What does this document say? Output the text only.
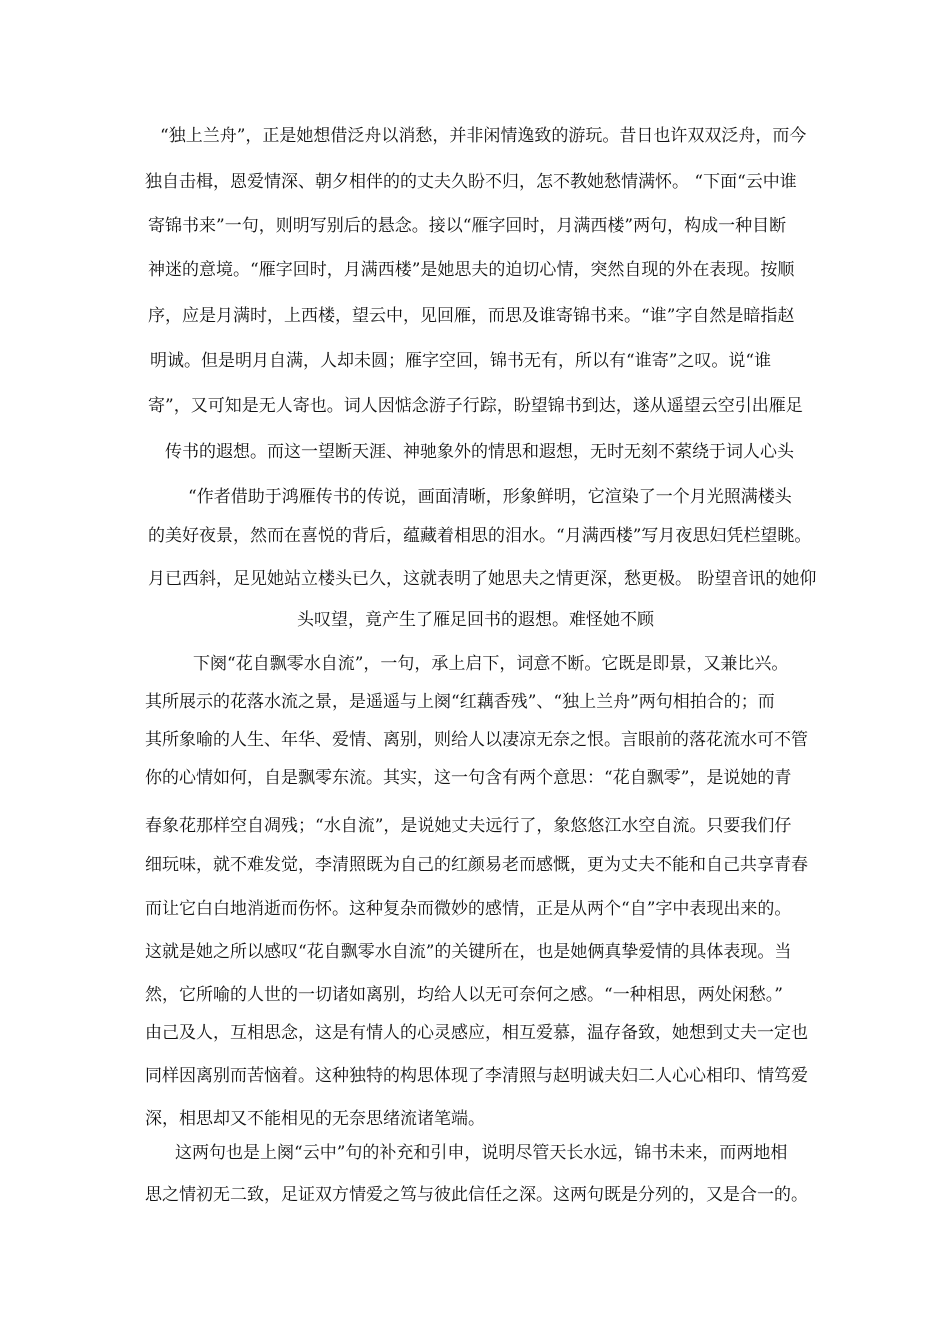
“独上兰舟”，正是她想借泛舟以消愁，并非闲情逸致的游玩。昔日也许双双泛舟，而今

独自击楫，恩爱情深、朝夕相伴的的丈夫久盼不归，怎不教她愁情满怀。 “下面“云中谁

寄锦书来”一句，则明写别后的悬念。接以“雁字回时，月满西楼”两句，构成一种目断

神迷的意境。“雁字回时，月满西楼”是她思夫的迫切心情，突然自现的外在表现。按顺

序，应是月满时，上西楼，望云中，见回雁，而思及谁寄锦书来。“谁”字自然是暗指赵

明诚。但是明月自满，人却未圆；雁字空回，锦书无有，所以有“谁寄”之叹。说“谁

寄”，又可知是无人寄也。词人因惦念游子行踪，盼望锦书到达，遂从遥望云空引出雁足

传书的遐想。而这一望断天涯、神驰象外的情思和遐想，无时无刻不萦绕于词人心头

“作者借助于鸿雁传书的传说，画面清晰，形象鲜明，它渲染了一个月光照满楼头

的美好夜景，然而在喜悦的背后，蕴藏着相思的泪水。“月满西楼”写月夜思妇凭栏望眺。

月已西斜，足见她站立楼头已久，这就表明了她思夫之情更深，愁更极。 盼望音讯的她仰

头叹望，竟产生了雁足回书的遐想。难怪她不顾

下阕“花自飘零水自流”，一句，承上启下，词意不断。它既是即景，又兼比兴。

其所展示的花落水流之景，是遥遥与上阕“红藕香残”、“独上兰舟”两句相拍合的；而

其所象喻的人生、年华、爱情、离别，则给人以凄凉无奈之恨。言眼前的落花流水可不管

你的心情如何，自是飘零东流。其实，这一句含有两个意思：“花自飘零”，是说她的青

春象花那样空自凋残；“水自流”，是说她丈夫远行了，象悠悠江水空自流。只要我们仔

细玩味，就不难发觉，李清照既为自己的红颜易老而感慨，更为丈夫不能和自己共享青春

而让它白白地消逝而伤怀。这种复杂而微妙的感情，正是从两个“自”字中表现出来的。

这就是她之所以感叹“花自飘零水自流”的关键所在，也是她俩真挚爱情的具体表现。当

然，它所喻的人世的一切诸如离别，均给人以无可奈何之感。“一种相思，两处闲愁。”

由己及人，互相思念，这是有情人的心灵感应，相互爱慕，温存备致，她想到丈夫一定也

同样因离别而苦恼着。这种独特的构思体现了李清照与赵明诚夫妇二人心心相印、情笃爱

深，相思却又不能相见的无奈思绪流诸笔端。

这两句也是上阕“云中”句的补充和引申，说明尽管天长水远，锦书未来，而两地相

思之情初无二致，足证双方情爱之笃与彼此信任之深。这两句既是分列的，又是合一的。
